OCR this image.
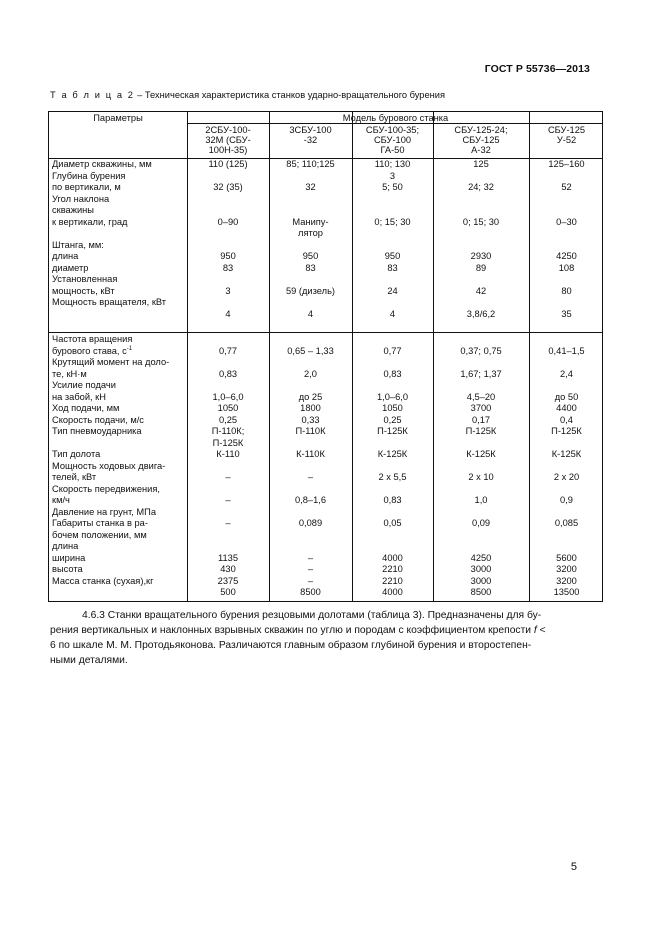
ГОСТ Р 55736—2013
Т а б л и ц а 2 – Техническая характеристика станков ударно-вращательного бурения
Параметры	Модель бурового станка
2СБУ-100-
32М (СБУ-
100Н-35)
3СБУ-100
-32
СБУ-100-35;
СБУ-100
ГА-50
СБУ-125-24;
СБУ-125
А-32
СБУ-125
У-52
Диаметр скважины, мм
Глубина бурения
по вертикали, м
Угол наклона
скважины
к вертикали, град
Штанга, мм:
длина
диаметр
Установленная
мощность, кВт
Мощность вращателя, кВт
110 (125)
32 (35)
0–90
950
83
3
4
85; 110;125
32
Манипу-
лятор
950
83
59 (дизель)
4
110; 130
3
5; 50
0; 15; 30
950
83
24
4
125
24; 32
0; 15; 30
2930
89
42
3,8/6,2
125–160
52
0–30
4250
108
80
35
Частота вращения
бурового става, $с^{-1}$
Крутящий момент на доло-
те, кН·м
Усилие подачи
на забой, кН
Ход подачи, мм
Скорость подачи, м/с
Тип пневмоударника
Тип долота
Мощность ходовых двига-
телей, кВт
Скорость передвижения,
км/ч
Давление на грунт, МПа
Габариты станка в ра-
бочем положении, мм
длина
ширина
высота
Масса станка (сухая),кг
0,77
0,83
1,0–6,0
1050
0,25
П-110К;
П-125К
К-110
–
–
–
1135
430
2375
500
0,65 – 1,33
2,0
до 25
1800
0,33
П-110К
К-110К
–
0,8–1,6
0,089
–
–
–
8500
0,77
0,83
1,0–6,0
1050
0,25
П-125К
К-125К
2 х 5,5
0,83
0,05
4000
2210
2210
4000
0,37; 0,75
1,67; 1,37
4,5–20
3700
0,17
П-125К
К-125К
2 х 10
1,0
0,09
4250
3000
3000
8500
0,41–1,5
2,4
до 50
4400
0,4
П-125К
К-125К
2 х 20
0,9
0,085
5600
3200
3200
13500
4.6.3 Станки вращательного бурения резцовыми долотами (таблица 3). Предназначены для бу-
рения вертикальных и наклонных взрывных скважин по углю и породам с коэффициентом крепости f <
6 по шкале М. М. Протодьяконова. Различаются главным образом глубиной бурения и второстепен-
ными деталями.
5
